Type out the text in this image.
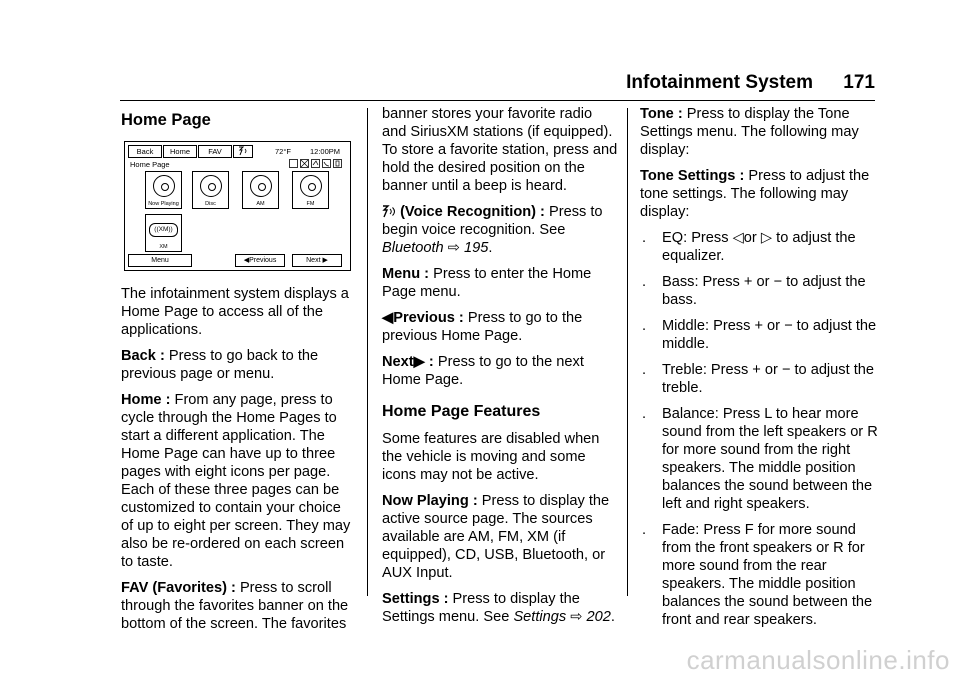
Infotainment System 171
Home Page
Back	Home	FAV	72°F	12:00PM
Home Page
Now Playing	Disc	AM	FM
((XM))
XM
Menu	◀Previous	Next ▶

The infotainment system displays a Home Page to access all of the applications.

Back : Press to go back to the previous page or menu.

Home : From any page, press to cycle through the Home Pages to start a different application. The Home Page can have up to three pages with eight icons per page. Each of these three pages can be customized to contain your choice of up to eight per screen. They may also be re-ordered on each screen to taste.

FAV (Favorites) : Press to scroll through the favorites banner on the bottom of the screen. The favorites

banner stores your favorite radio and SiriusXM stations (if equipped). To store a favorite station, press and hold the desired position on the banner until a beep is heard.

(Voice Recognition) : Press to begin voice recognition. See Bluetooth ⇨ 195.

Menu : Press to enter the Home Page menu.

◀Previous : Press to go to the previous Home Page.

Next▶ : Press to go to the next Home Page.

Home Page Features

Some features are disabled when the vehicle is moving and some icons may not be active.

Now Playing : Press to display the active source page. The sources available are AM, FM, XM (if equipped), CD, USB, Bluetooth, or AUX Input.

Settings : Press to display the Settings menu. See Settings ⇨ 202.

Tone : Press to display the Tone Settings menu. The following may display:

Tone Settings : Press to adjust the tone settings. The following may display:

. EQ: Press ◁or ▷ to adjust the equalizer.
. Bass: Press + or − to adjust the bass.
. Middle: Press + or − to adjust the middle.
. Treble: Press + or − to adjust the treble.
. Balance: Press L to hear more sound from the left speakers or R for more sound from the right speakers. The middle position balances the sound between the left and right speakers.
. Fade: Press F for more sound from the front speakers or R for more sound from the rear speakers. The middle position balances the sound between the front and rear speakers.
carmanualsonline.info
